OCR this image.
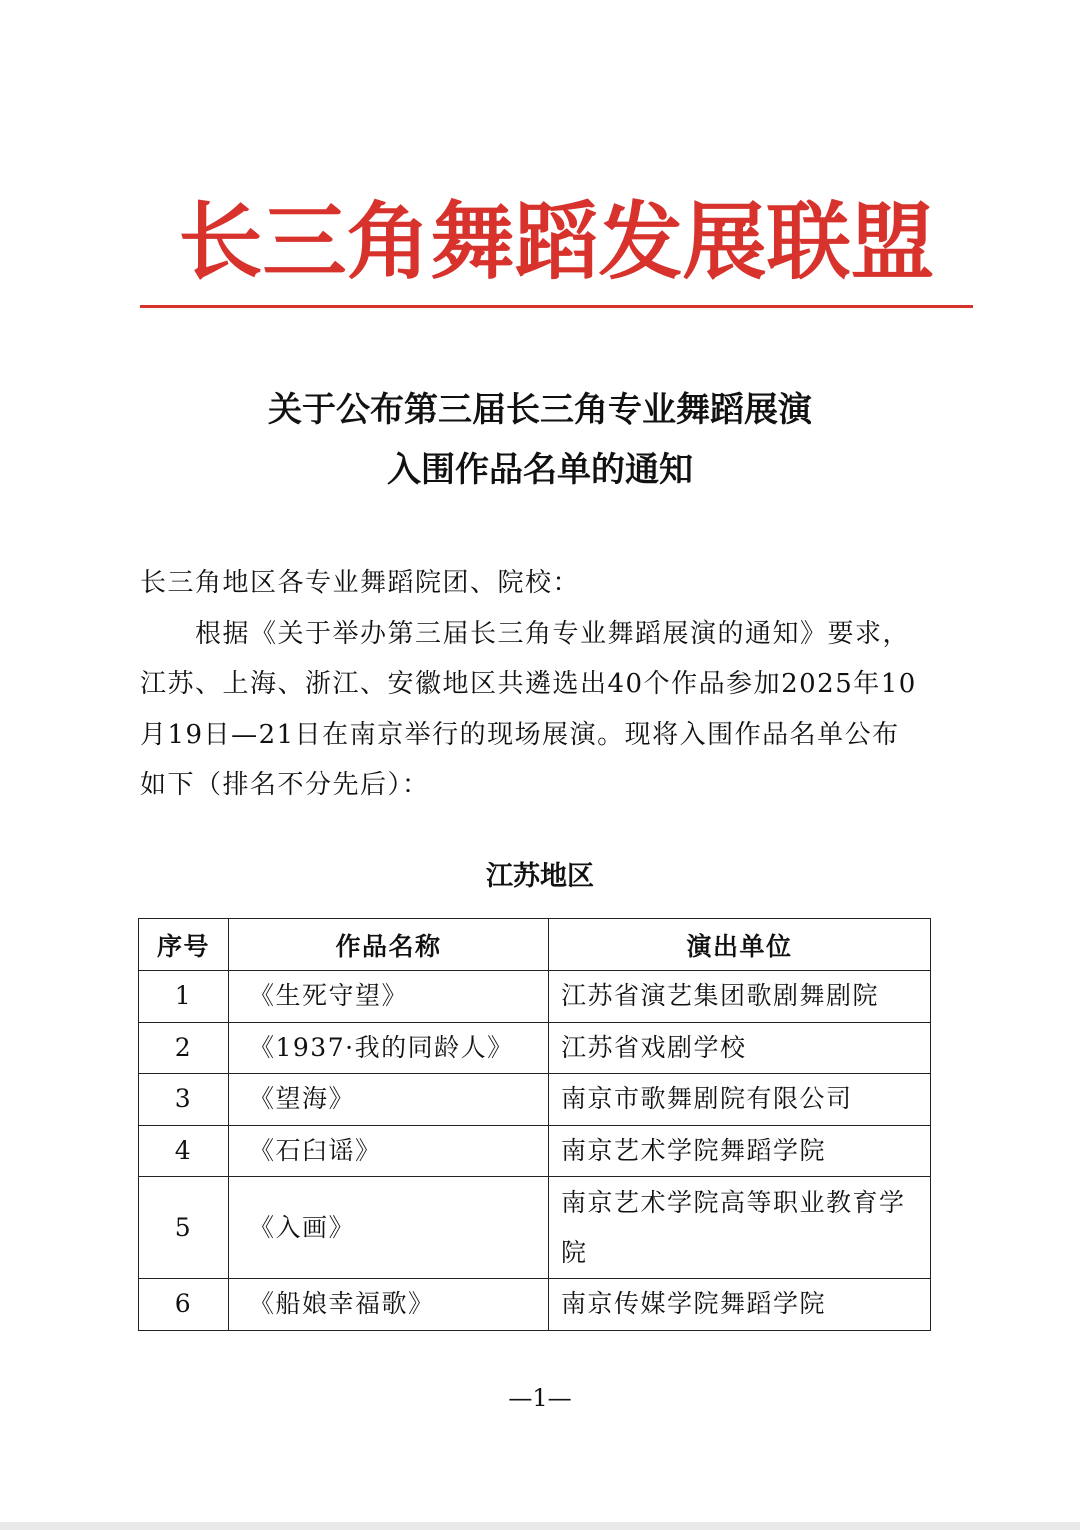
长三角舞蹈发展联盟
关于公布第三届长三角专业舞蹈展演
入围作品名单的通知

长三角地区各专业舞蹈院团、院校：

　　根据《关于举办第三届长三角专业舞蹈展演的通知》要求，

江苏、上海、浙江、安徽地区共遴选出40个作品参加2025年10

月19日—21日在南京举行的现场展演。现将入围作品名单公布

如下（排名不分先后）：

江苏地区
序号	作品名称	演出单位
1	《生死守望》	江苏省演艺集团歌剧舞剧院
2	《1937·我的同龄人》	江苏省戏剧学校
3	《望海》	南京市歌舞剧院有限公司
4	《石臼谣》	南京艺术学院舞蹈学院
5	《入画》	南京艺术学院高等职业教育学院
6	《船娘幸福歌》	南京传媒学院舞蹈学院
—1—
